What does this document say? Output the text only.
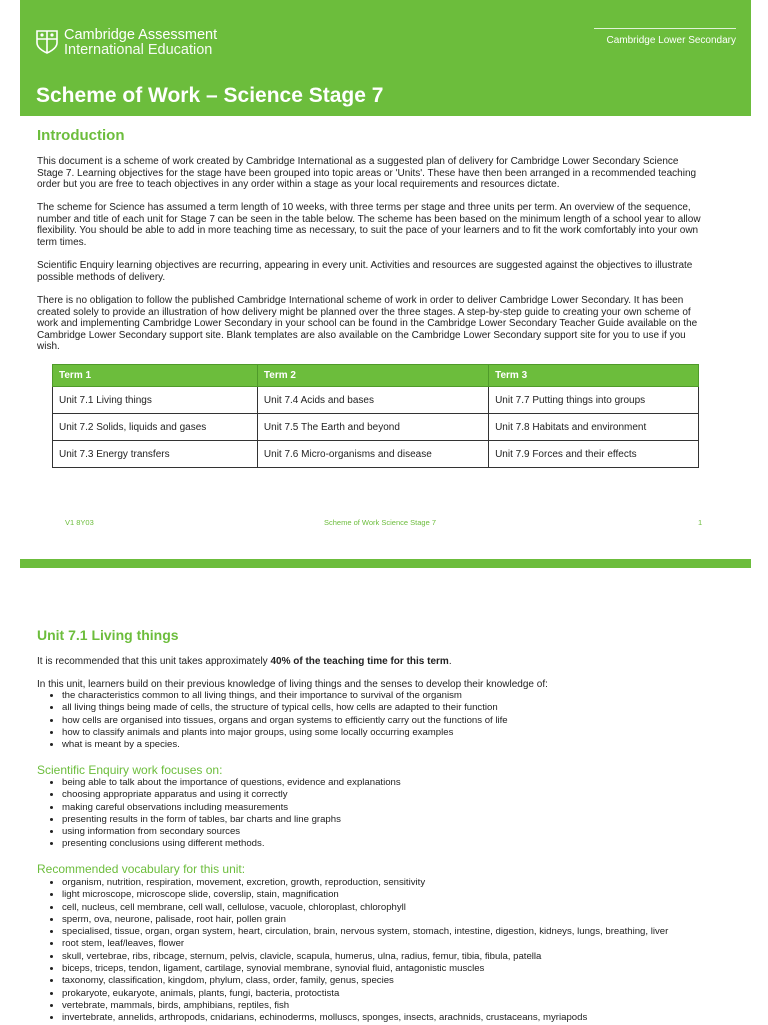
Cambridge Assessment
International Education
Cambridge Lower Secondary
Scheme of Work – Science Stage 7
Introduction

This document is a scheme of work created by Cambridge International as a suggested plan of delivery for Cambridge Lower Secondary Science Stage 7. Learning objectives for the stage have been grouped into topic areas or 'Units'. These have then been arranged in a recommended teaching order but you are free to teach objectives in any order within a stage as your local requirements and resources dictate.

The scheme for Science has assumed a term length of 10 weeks, with three terms per stage and three units per term. An overview of the sequence, number and title of each unit for Stage 7 can be seen in the table below. The scheme has been based on the minimum length of a school year to allow flexibility. You should be able to add in more teaching time as necessary, to suit the pace of your learners and to fit the work comfortably into your own term times.

Scientific Enquiry learning objectives are recurring, appearing in every unit. Activities and resources are suggested against the objectives to illustrate possible methods of delivery.

There is no obligation to follow the published Cambridge International scheme of work in order to deliver Cambridge Lower Secondary. It has been created solely to provide an illustration of how delivery might be planned over the three stages. A step-by-step guide to creating your own scheme of work and implementing Cambridge Lower Secondary in your school can be found in the Cambridge Lower Secondary Teacher Guide available on the Cambridge Lower Secondary support site. Blank templates are also available on the Cambridge Lower Secondary support site for you to use if you wish.

Term 1	Term 2	Term 3
Unit 7.1 Living things	Unit 7.4 Acids and bases	Unit 7.7 Putting things into groups
Unit 7.2 Solids, liquids and gases	Unit 7.5 The Earth and beyond	Unit 7.8 Habitats and environment
Unit 7.3 Energy transfers	Unit 7.6 Micro-organisms and disease	Unit 7.9 Forces and their effects
V1 8Y03	Scheme of Work Science Stage 7	1
Unit 7.1 Living things

It is recommended that this unit takes approximately 40% of the teaching time for this term.

In this unit, learners build on their previous knowledge of living things and the senses to develop their knowledge of:

• the characteristics common to all living things, and their importance to survival of the organism
• all living things being made of cells, the structure of typical cells, how cells are adapted to their function
• how cells are organised into tissues, organs and organ systems to efficiently carry out the functions of life
• how to classify animals and plants into major groups, using some locally occurring examples
• what is meant by a species.
Scientific Enquiry work focuses on:
• being able to talk about the importance of questions, evidence and explanations
• choosing appropriate apparatus and using it correctly
• making careful observations including measurements
• presenting results in the form of tables, bar charts and line graphs
• using information from secondary sources
• presenting conclusions using different methods.
Recommended vocabulary for this unit:
• organism, nutrition, respiration, movement, excretion, growth, reproduction, sensitivity
• light microscope, microscope slide, coverslip, stain, magnification
• cell, nucleus, cell membrane, cell wall, cellulose, vacuole, chloroplast, chlorophyll
• sperm, ova, neurone, palisade, root hair, pollen grain
• specialised, tissue, organ, organ system, heart, circulation, brain, nervous system, stomach, intestine, digestion, kidneys, lungs, breathing, liver
• root stem, leaf/leaves, flower
• skull, vertebrae, ribs, ribcage, sternum, pelvis, clavicle, scapula, humerus, ulna, radius, femur, tibia, fibula, patella
• biceps, triceps, tendon, ligament, cartilage, synovial membrane, synovial fluid, antagonistic muscles
• taxonomy, classification, kingdom, phylum, class, order, family, genus, species
• prokaryote, eukaryote, animals, plants, fungi, bacteria, protoctista
• vertebrate, mammals, birds, amphibians, reptiles, fish
• invertebrate, annelids, arthropods, cnidarians, echinoderms, molluscs, sponges, insects, arachnids, crustaceans, myriapods
